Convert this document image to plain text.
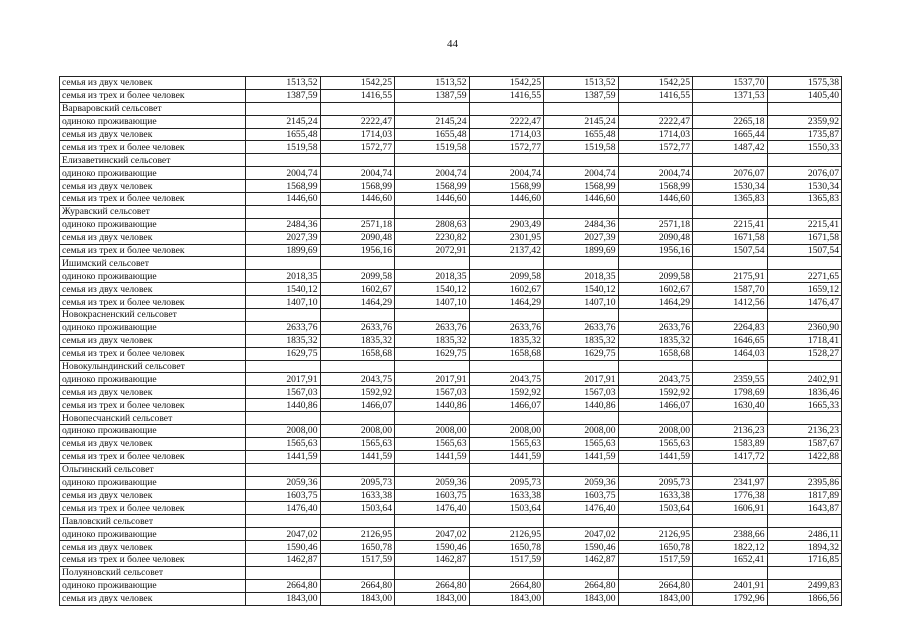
44
семья из двух человек	1513,52	1542,25	1513,52	1542,25	1513,52	1542,25	1537,70	1575,38
семья из трех и более человек	1387,59	1416,55	1387,59	1416,55	1387,59	1416,55	1371,53	1405,40
Варваровский сельсовет								
одиноко проживающие	2145,24	2222,47	2145,24	2222,47	2145,24	2222,47	2265,18	2359,92
семья из двух человек	1655,48	1714,03	1655,48	1714,03	1655,48	1714,03	1665,44	1735,87
семья из трех и более человек	1519,58	1572,77	1519,58	1572,77	1519,58	1572,77	1487,42	1550,33
Елизаветинский сельсовет								
одиноко проживающие	2004,74	2004,74	2004,74	2004,74	2004,74	2004,74	2076,07	2076,07
семья из двух человек	1568,99	1568,99	1568,99	1568,99	1568,99	1568,99	1530,34	1530,34
семья из трех и более человек	1446,60	1446,60	1446,60	1446,60	1446,60	1446,60	1365,83	1365,83
Журавский сельсовет								
одиноко проживающие	2484,36	2571,18	2808,63	2903,49	2484,36	2571,18	2215,41	2215,41
семья из двух человек	2027,39	2090,48	2230,82	2301,95	2027,39	2090,48	1671,58	1671,58
семья из трех и более человек	1899,69	1956,16	2072,91	2137,42	1899,69	1956,16	1507,54	1507,54
Ишимский сельсовет								
одиноко проживающие	2018,35	2099,58	2018,35	2099,58	2018,35	2099,58	2175,91	2271,65
семья из двух человек	1540,12	1602,67	1540,12	1602,67	1540,12	1602,67	1587,70	1659,12
семья из трех и более человек	1407,10	1464,29	1407,10	1464,29	1407,10	1464,29	1412,56	1476,47
Новокрасненский сельсовет								
одиноко проживающие	2633,76	2633,76	2633,76	2633,76	2633,76	2633,76	2264,83	2360,90
семья из двух человек	1835,32	1835,32	1835,32	1835,32	1835,32	1835,32	1646,65	1718,41
семья из трех и более человек	1629,75	1658,68	1629,75	1658,68	1629,75	1658,68	1464,03	1528,27
Новокулындинский сельсовет								
одиноко проживающие	2017,91	2043,75	2017,91	2043,75	2017,91	2043,75	2359,55	2402,91
семья из двух человек	1567,03	1592,92	1567,03	1592,92	1567,03	1592,92	1798,69	1836,46
семья из трех и более человек	1440,86	1466,07	1440,86	1466,07	1440,86	1466,07	1630,40	1665,33
Новопесчанский сельсовет								
одиноко проживающие	2008,00	2008,00	2008,00	2008,00	2008,00	2008,00	2136,23	2136,23
семья из двух человек	1565,63	1565,63	1565,63	1565,63	1565,63	1565,63	1583,89	1587,67
семья из трех и более человек	1441,59	1441,59	1441,59	1441,59	1441,59	1441,59	1417,72	1422,88
Ольгинский сельсовет								
одиноко проживающие	2059,36	2095,73	2059,36	2095,73	2059,36	2095,73	2341,97	2395,86
семья из двух человек	1603,75	1633,38	1603,75	1633,38	1603,75	1633,38	1776,38	1817,89
семья из трех и более человек	1476,40	1503,64	1476,40	1503,64	1476,40	1503,64	1606,91	1643,87
Павловский сельсовет								
одиноко проживающие	2047,02	2126,95	2047,02	2126,95	2047,02	2126,95	2388,66	2486,11
семья из двух человек	1590,46	1650,78	1590,46	1650,78	1590,46	1650,78	1822,12	1894,32
семья из трех и более человек	1462,87	1517,59	1462,87	1517,59	1462,87	1517,59	1652,41	1716,85
Полуяновский сельсовет								
одиноко проживающие	2664,80	2664,80	2664,80	2664,80	2664,80	2664,80	2401,91	2499,83
семья из двух человек	1843,00	1843,00	1843,00	1843,00	1843,00	1843,00	1792,96	1866,56
